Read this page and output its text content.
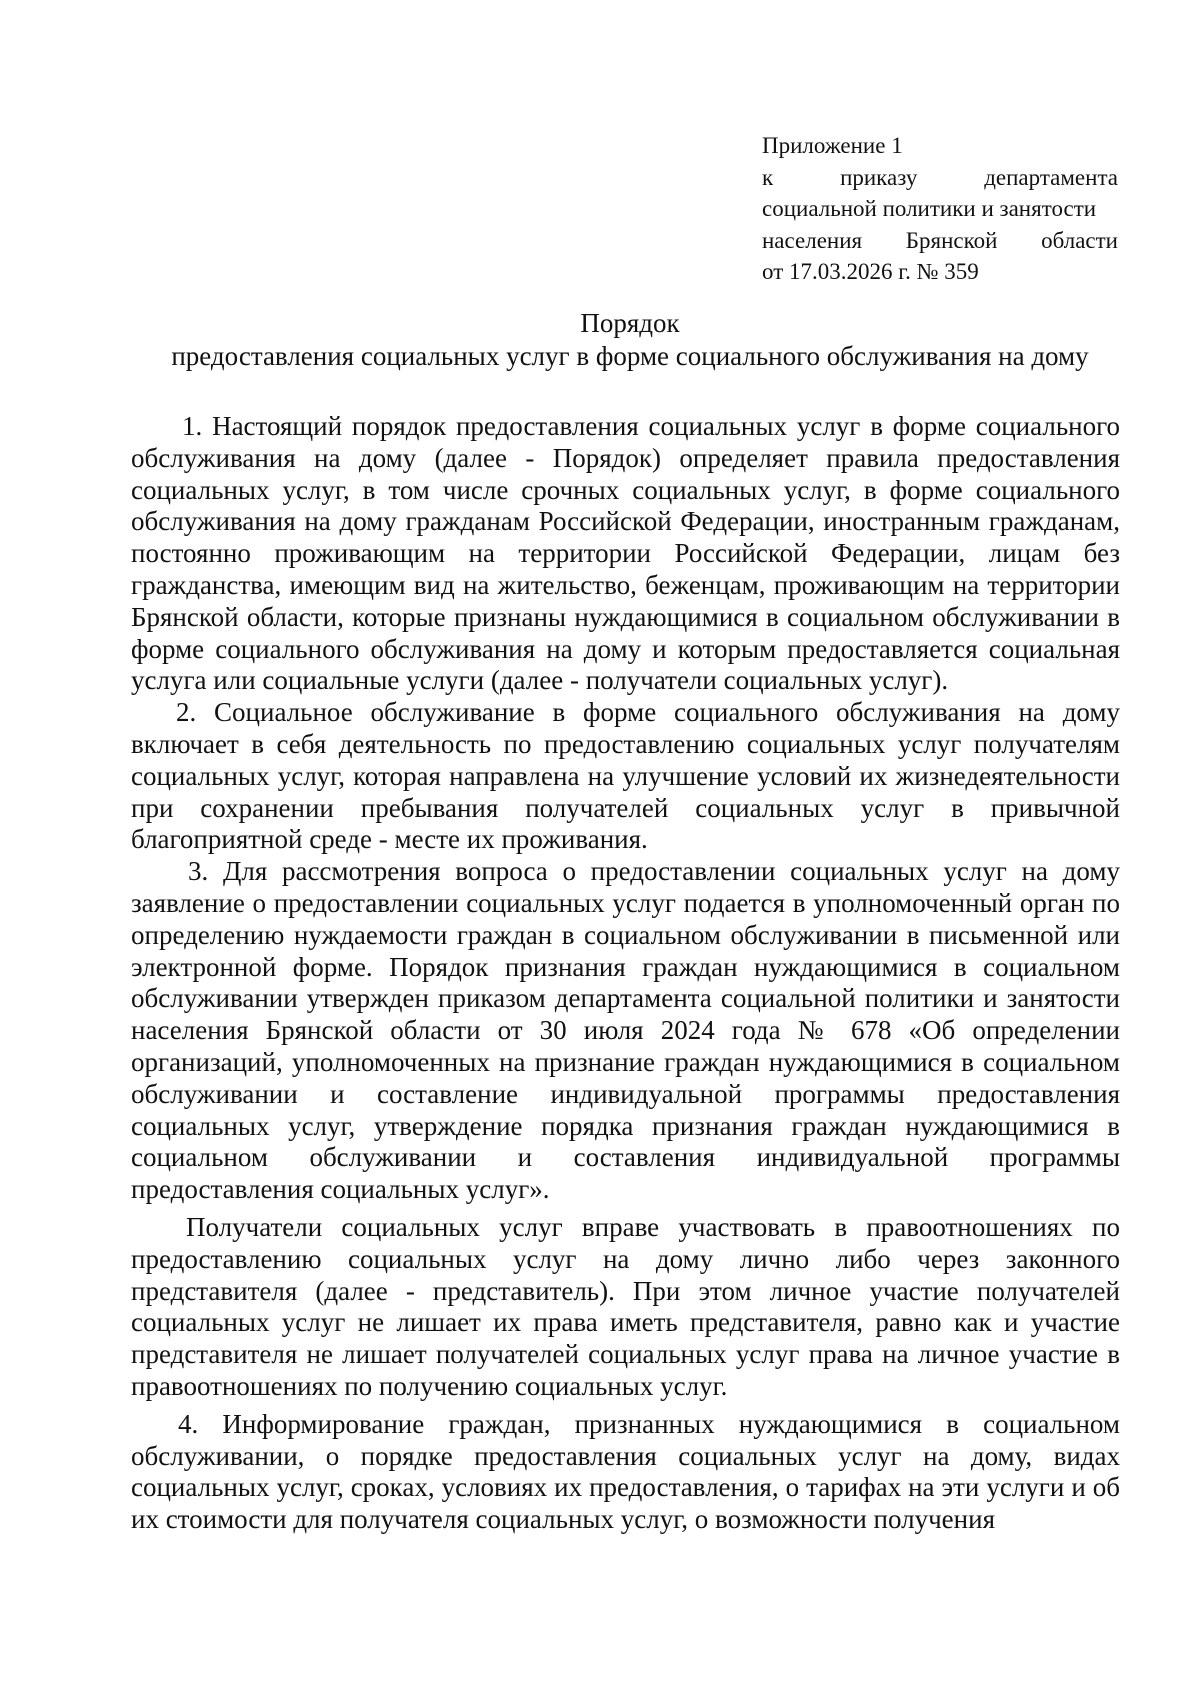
Приложение 1
к приказу департамента
социальной политики и занятости
населения Брянской области
от 17.03.2026 г. № 359
Порядок
предоставления социальных услуг в форме социального обслуживания на дому

1. Настоящий порядок предоставления социальных услуг в форме социального обслуживания на дому (далее - Порядок) определяет правила предоставления социальных услуг, в том числе срочных социальных услуг, в форме социального обслуживания на дому гражданам Российской Федерации, иностранным гражданам, постоянно проживающим на территории Российской Федерации, лицам без гражданства, имеющим вид на жительство, беженцам, проживающим на территории Брянской области, которые признаны нуждающимися в социальном обслуживании в форме социального обслуживания на дому и которым предоставляется социальная услуга или социальные услуги (далее - получатели социальных услуг).

2. Социальное обслуживание в форме социального обслуживания на дому включает в себя деятельность по предоставлению социальных услуг получателям социальных услуг, которая направлена на улучшение условий их жизнедеятельности при сохранении пребывания получателей социальных услуг в привычной благоприятной среде - месте их проживания.

3. Для рассмотрения вопроса о предоставлении социальных услуг на дому заявление о предоставлении социальных услуг подается в уполномоченный орган по определению нуждаемости граждан в социальном обслуживании в письменной или электронной форме. Порядок признания граждан нуждающимися в социальном обслуживании утвержден приказом департамента социальной политики и занятости населения Брянской области от 30 июля 2024 года № 678 «Об определении организаций, уполномоченных на признание граждан нуждающимися в социальном обслуживании и составление индивидуальной программы предоставления социальных услуг, утверждение порядка признания граждан нуждающимися в социальном обслуживании и составления индивидуальной программы предоставления социальных услуг».

Получатели социальных услуг вправе участвовать в правоотношениях по предоставлению социальных услуг на дому лично либо через законного представителя (далее - представитель). При этом личное участие получателей социальных услуг не лишает их права иметь представителя, равно как и участие представителя не лишает получателей социальных услуг права на личное участие в правоотношениях по получению социальных услуг.

4. Информирование граждан, признанных нуждающимися в социальном обслуживании, о порядке предоставления социальных услуг на дому, видах социальных услуг, сроках, условиях их предоставления, о тарифах на эти услуги и об их стоимости для получателя социальных услуг, о возможности получения
